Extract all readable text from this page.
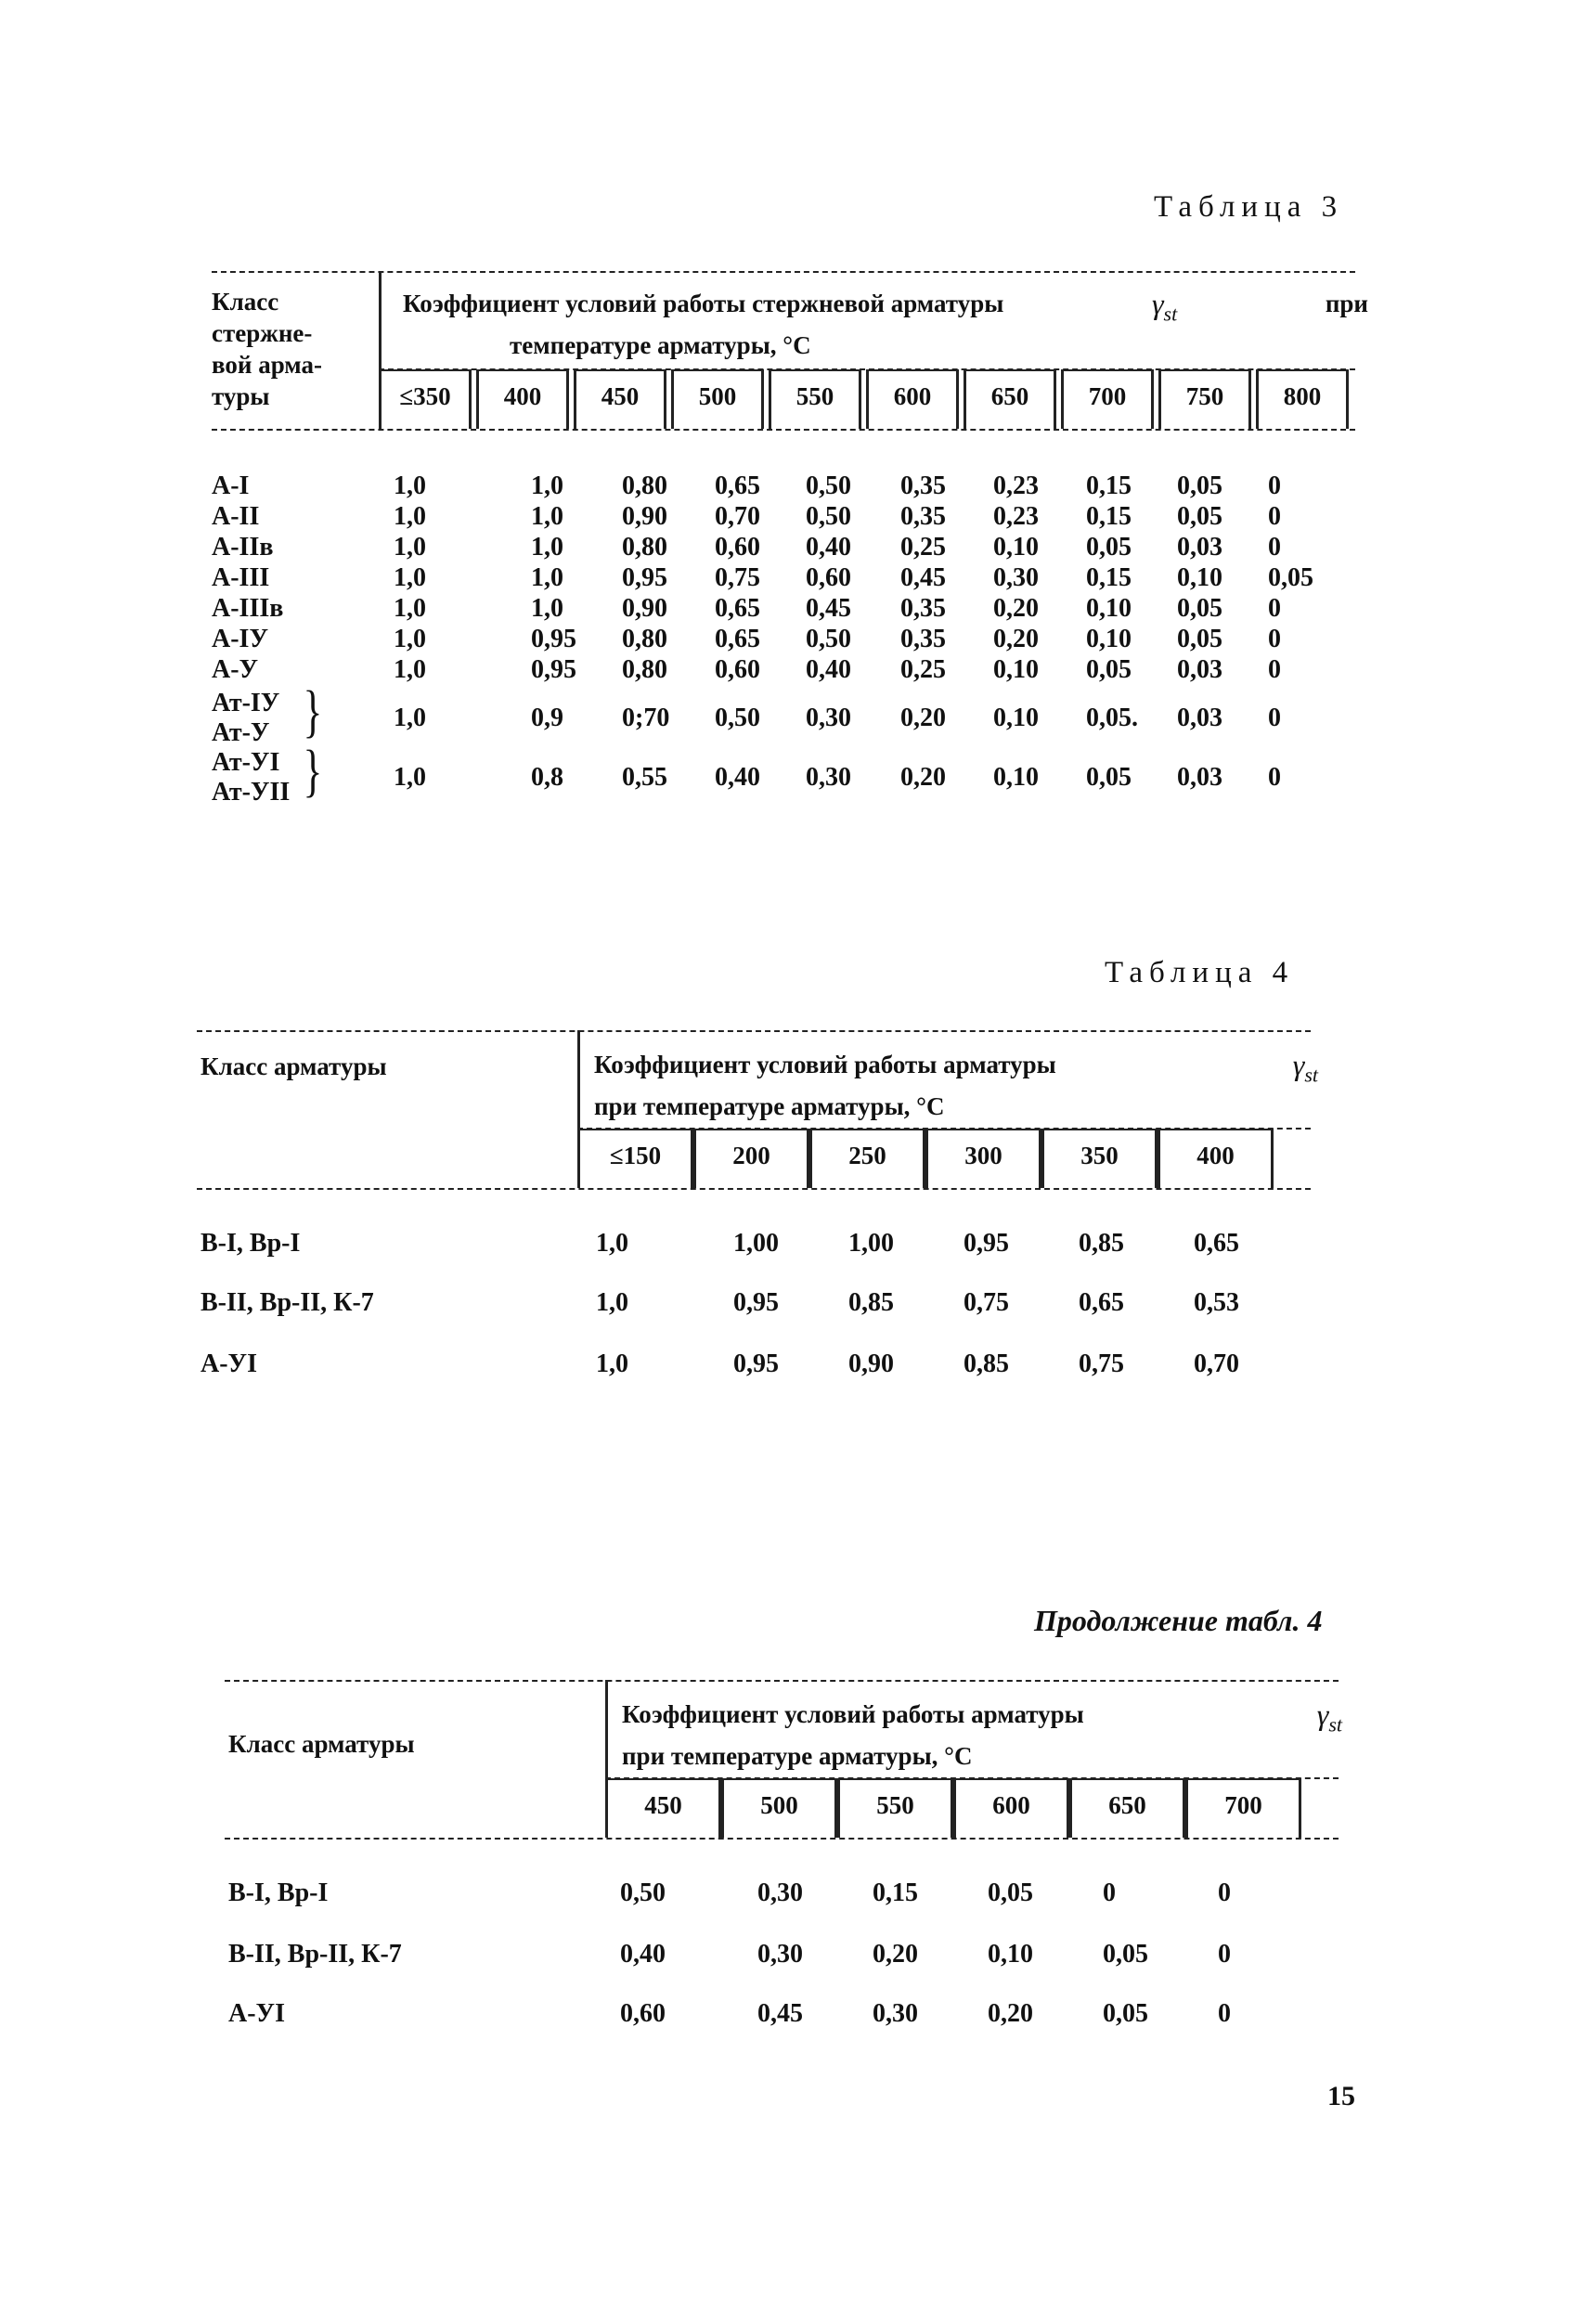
Таблица 3
Класс
стержне-
вой арма-
туры
Коэффициент условий работы стержневой арматуры	$\gamma_{st}$	при
температуре арматуры, °С
≤350	400	450	500	550	600	650	700	750	800
А-I	1,0	1,0 0,80 0,65 0,50 0,35 0,23 0,15 0,05 0
А-II	1,0	1,0 0,90 0,70 0,50 0,35 0,23 0,15 0,05 0
А-IIв	1,0	1,0 0,80 0,60 0,40 0,25 0,10 0,05 0,03 0
А-III	1,0	1,0 0,95 0,75 0,60 0,45 0,30 0,15 0,10 0,05
А-IIIв	1,0	1,0 0,90 0,65 0,45 0,35 0,20 0,10 0,05 0
А-IУ	1,0	0,95 0,80 0,65 0,50 0,35 0,20 0,10 0,05 0
А-У	1,0	0,95 0,80 0,60 0,40 0,25 0,10 0,05 0,03 0
Ат-IУ
Ат-У }	1,0	0,9 0;70 0,50 0,30 0,20 0,10 0,05. 0,03 0
Ат-УI
Ат-УII }	1,0	0,8 0,55 0,40 0,30 0,20 0,10 0,05 0,03 0
Таблица 4
Класс арматуры	Коэффициент условий работы арматуры	$\gamma_{st}$
при температуре арматуры, °С
≤150	200	250	300	350	400
В-I, Вр-I	1,0	1,00	1,00	0,95	0,85	0,65
В-II, Вр-II, К-7	1,0	0,95	0,85	0,75	0,65	0,53
А-УI	1,0	0,95	0,90	0,85	0,75	0,70
Продолжение табл. 4
Класс арматуры
Коэффициент условий работы арматуры	$\gamma_{st}$
при температуре арматуры, °С
450	500	550	600	650	700
В-I, Вр-I	0,50	0,30	0,15	0,05	0	0
В-II, Вр-II, К-7	0,40	0,30	0,20	0,10	0,05	0
А-УI	0,60	0,45	0,30	0,20	0,05	0
15
